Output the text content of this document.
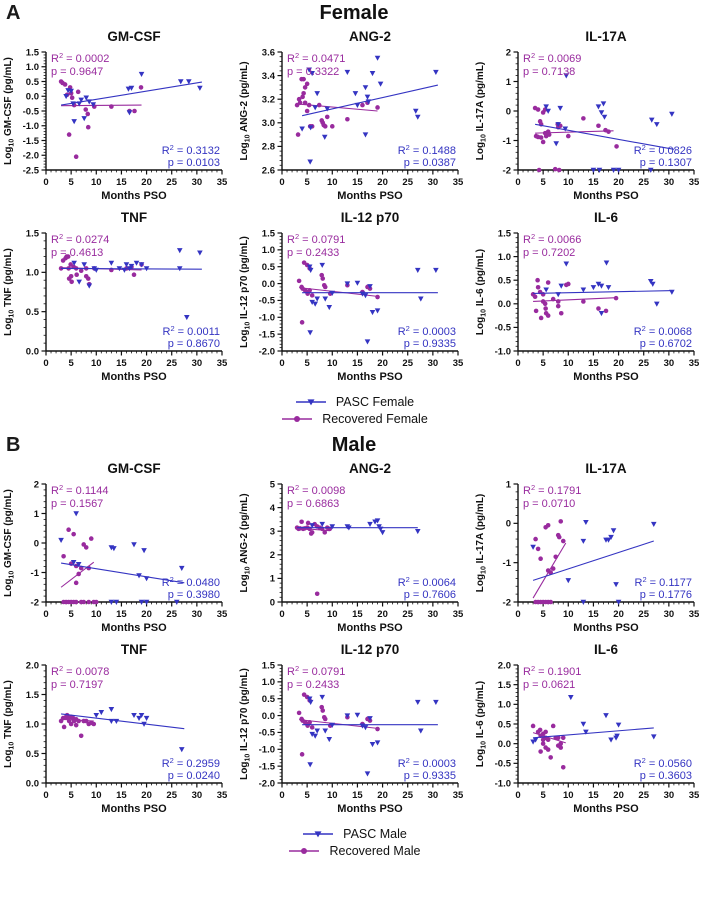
A	Female
GM-CSF
1.5
1.0
0.5
0.0
-0.5
-1.0
-1.5
-2.0
-2.5
0 5 10 15 20 25 30 35
Months PSO
Log$_{10}$ GM-CSF (pg/mL)	$R^2 = 0.0002$
p = 0.9647
$R^2 = 0.3132$
p = 0.0103
ANG-2
3.6
3.4
3.2
3.0
2.8
2.6
0 5 10 15 20 25 30 35
Months PSO
Log$_{10}$ ANG-2 (pg/mL)
$R^2 = 0.0471$
p = 0.3322
$R^2 = 0.1488$
p = 0.0387
IL-17A
2
1
0
-1
-2
0 5 10 15 20 25 30 35
Months PSO
Log$_{10}$ IL-17A (pg/mL)
$R^2 = 0.0069$
p = 0.7138
$R^2 = 0.0826$
p = 0.1307
TNF
1.5
1.0
0.5
0.0
0 5 10 15 20 25 30 35
Months PSO
Log$_{10}$ TNF (pg/mL)
$R^2 = 0.0274$
p = 0.4613
$R^2 = 0.0011$
p = 0.8670
IL-12 p70
1.5
1.0
0.5
0.0
-0.5
-1.0
-1.5
-2.0
0 5 10 15 20 25 30 35
Months PSO
Log$_{10}$ IL-12 p70 (pg/mL)	$R^2 = 0.0791$
p = 0.2433
$R^2 = 0.0003$
p = 0.9335
IL-6
1.5
1.0
0.5
0.0
-0.5
-1.0
0 5 10 15 20 25 30 35
Months PSO
Log$_{10}$ IL-6 (pg/mL)
$R^2 = 0.0066$
p = 0.7202
$R^2 = 0.0068$
p = 0.6702
PASC Female
Recovered Female
B	Male
GM-CSF
2
1
0
-1
-2
0 5 10 15 20 25 30 35
Months PSO
Log$_{10}$ GM-CSF (pg/mL)	$R^2 = 0.1144$
p = 0.1567
$R^2 = 0.0480$
p = 0.3980
ANG-2
5
4
3
2
1
0
0 5 10 15 20 25 30 35
Months PSO
Log$_{10}$ ANG-2 (pg/mL)
$R^2 = 0.0098$
p = 0.6863
$R^2 = 0.0064$
p = 0.7606
IL-17A
1
0
-1
-2
0 5 10 15 20 25 30 35
Months PSO
Log$_{10}$ IL-17A (pg/mL)
$R^2 = 0.1791$
p = 0.0710
$R^2 = 0.1177$
p = 0.1776
TNF
2.0
1.5
1.0
0.5
0.0
0 5 10 15 20 25 30 35
Months PSO
Log$_{10}$ TNF (pg/mL)
$R^2 = 0.0078$
p = 0.7197
$R^2 = 0.2959$
p = 0.0240
IL-12 p70
1.5
1.0
0.5
0.0
-0.5
-1.0
-1.5
-2.0
0 5 10 15 20 25 30 35
Months PSO
Log$_{10}$ IL-12 p70 (pg/mL)	$R^2 = 0.0791$
p = 0.2433
$R^2 = 0.0003$
p = 0.9335
IL-6
2.0
1.5
1.0
0.5
0.0
-0.5
-1.0
0 5 10 15 20 25 30 35
Months PSO
Log$_{10}$ IL-6 (pg/mL)
$R^2 = 0.1901$
p = 0.0621
$R^2 = 0.0560$
p = 0.3603
PASC Male
Recovered Male
